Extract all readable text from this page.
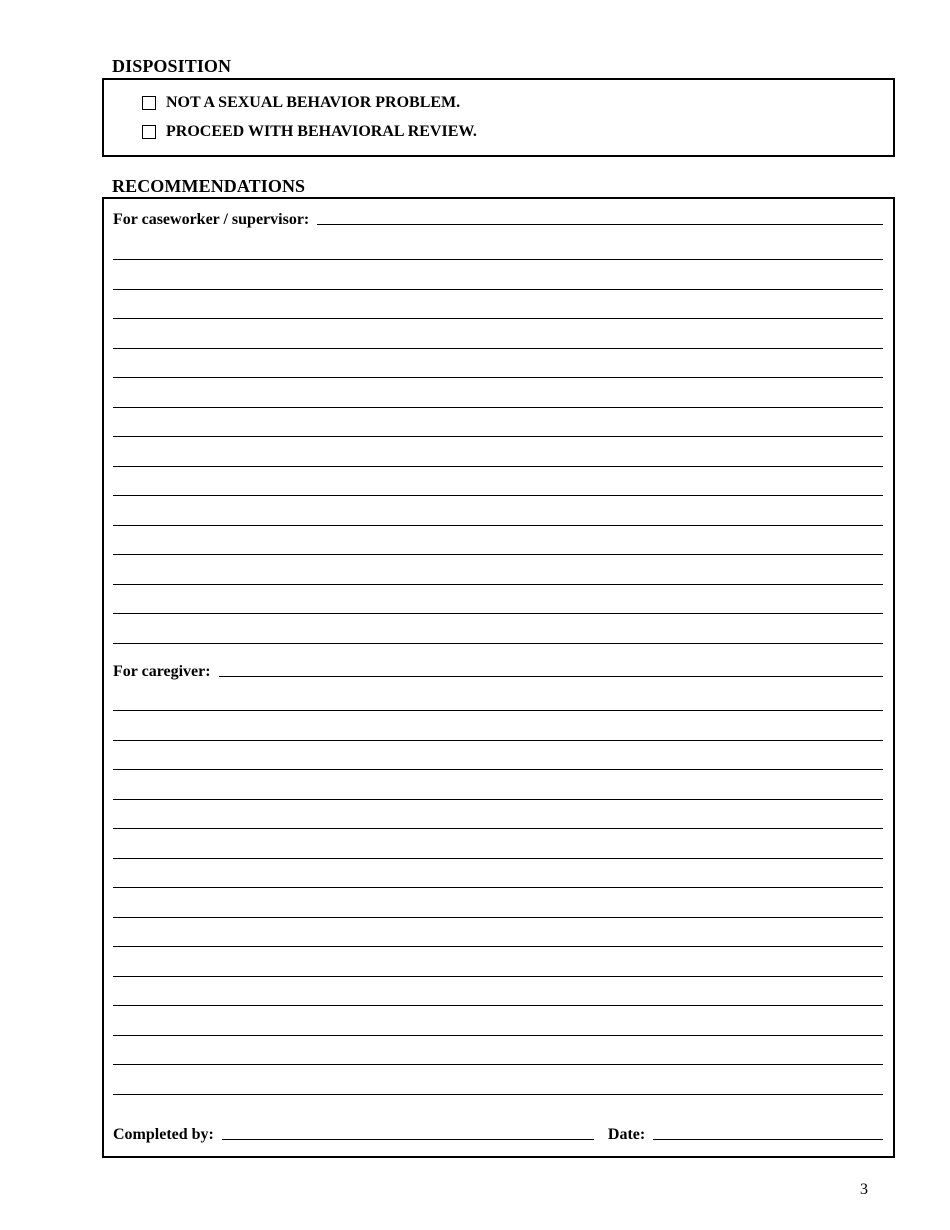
DISPOSITION
NOT A SEXUAL BEHAVIOR PROBLEM.
PROCEED WITH BEHAVIORAL REVIEW.
RECOMMENDATIONS
For caseworker / supervisor:
For caregiver:
Completed by:	Date:
3
